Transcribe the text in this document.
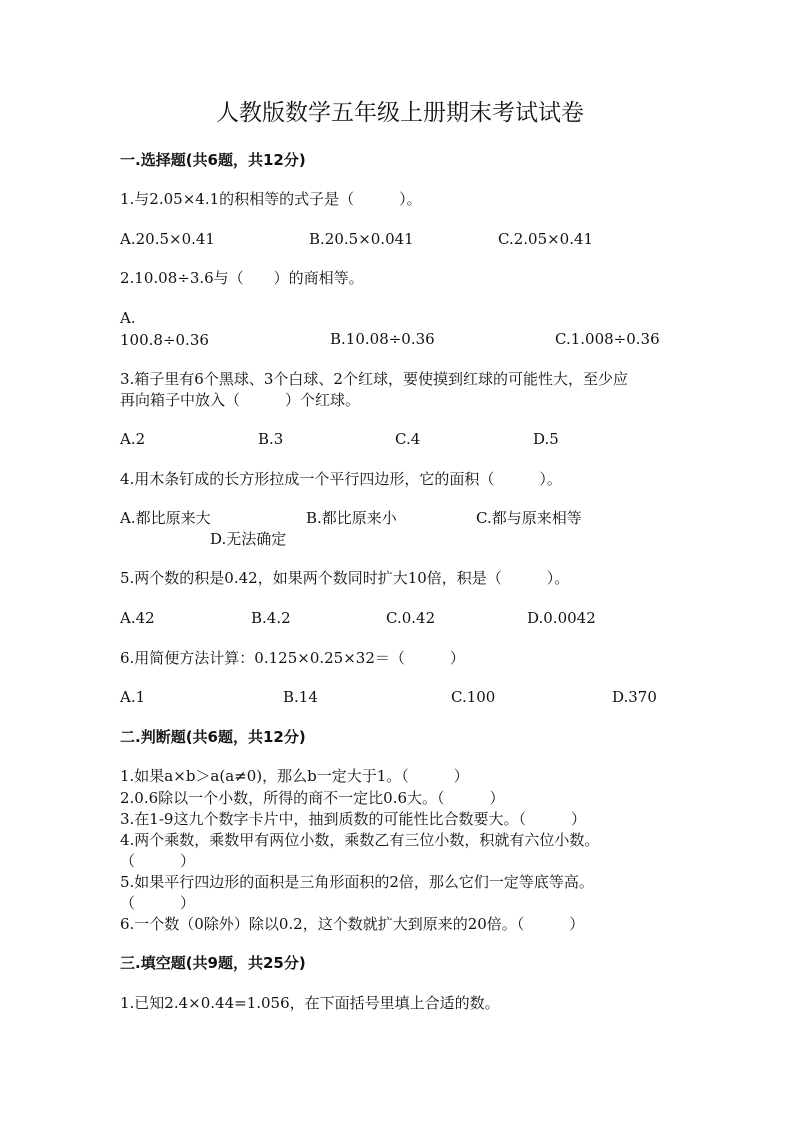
人教版数学五年级上册期末考试试卷
一.选择题(共6题，共12分)
1.与2.05×4.1的积相等的式子是（　　　）。
A.20.5×0.41	B.20.5×0.041	C.2.05×0.41
2.10.08÷3.6与（　　）的商相等。
A.
100.8÷0.36	B.10.08÷0.36	C.1.008÷0.36
3.箱子里有6个黑球、3个白球、2个红球，要使摸到红球的可能性大，至少应
再向箱子中放入（　　　）个红球。
A.2	B.3	C.4	D.5
4.用木条钉成的长方形拉成一个平行四边形，它的面积（　　　）。
A.都比原来大	B.都比原来小	C.都与原来相等
D.无法确定
5.两个数的积是0.42，如果两个数同时扩大10倍，积是（　　　）。
A.42	B.4.2	C.0.42	D.0.0042
6.用简便方法计算：0.125×0.25×32＝（　　　）
A.1	B.14	C.100	D.370
二.判断题(共6题，共12分)
1.如果a×b＞a(a≠0)，那么b一定大于1。（　　　）
2.0.6除以一个小数，所得的商不一定比0.6大。（　　　）
3.在1-9这九个数字卡片中，抽到质数的可能性比合数要大。（　　　）
4.两个乘数，乘数甲有两位小数，乘数乙有三位小数，积就有六位小数。
（　　　）
5.如果平行四边形的面积是三角形面积的2倍，那么它们一定等底等高。
（　　　）
6.一个数（0除外）除以0.2，这个数就扩大到原来的20倍。（　　　）
三.填空题(共9题，共25分)
1.已知2.4×0.44=1.056，在下面括号里填上合适的数。
